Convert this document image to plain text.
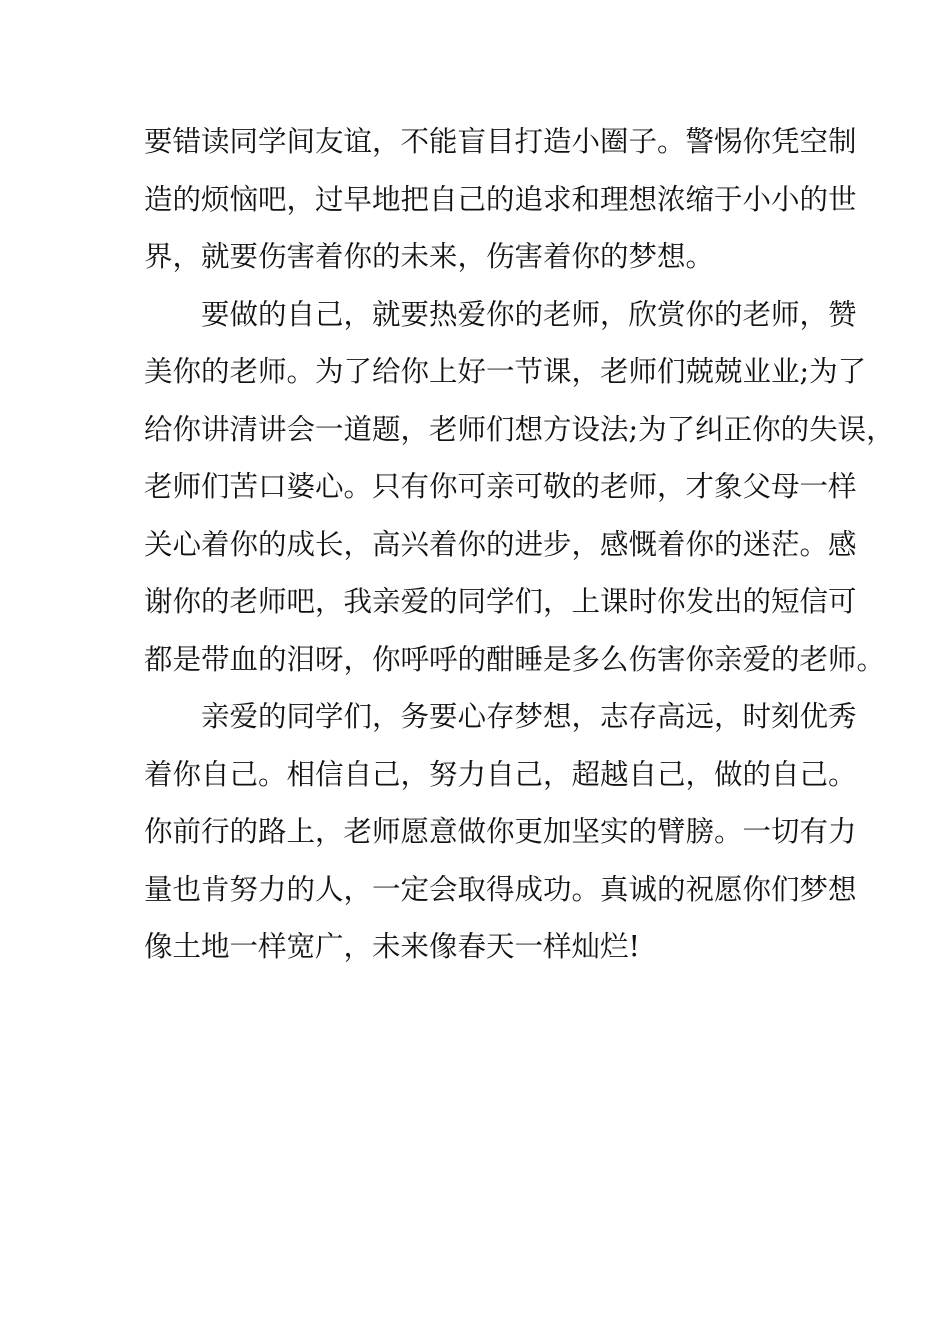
要错读同学间友谊，不能盲目打造小圈子。警惕你凭空制
造的烦恼吧，过早地把自己的追求和理想浓缩于小小的世
界，就要伤害着你的未来，伤害着你的梦想。
要做的自己，就要热爱你的老师，欣赏你的老师，赞
美你的老师。为了给你上好一节课，老师们兢兢业业;为了
给你讲清讲会一道题，老师们想方设法;为了纠正你的失误，
老师们苦口婆心。只有你可亲可敬的老师，才象父母一样
关心着你的成长，高兴着你的进步，感慨着你的迷茫。感
谢你的老师吧，我亲爱的同学们，上课时你发出的短信可
都是带血的泪呀，你呼呼的酣睡是多么伤害你亲爱的老师。
亲爱的同学们，务要心存梦想，志存高远，时刻优秀
着你自己。相信自己，努力自己，超越自己，做的自己。
你前行的路上，老师愿意做你更加坚实的臂膀。一切有力
量也肯努力的人，一定会取得成功。真诚的祝愿你们梦想
像土地一样宽广，未来像春天一样灿烂!
